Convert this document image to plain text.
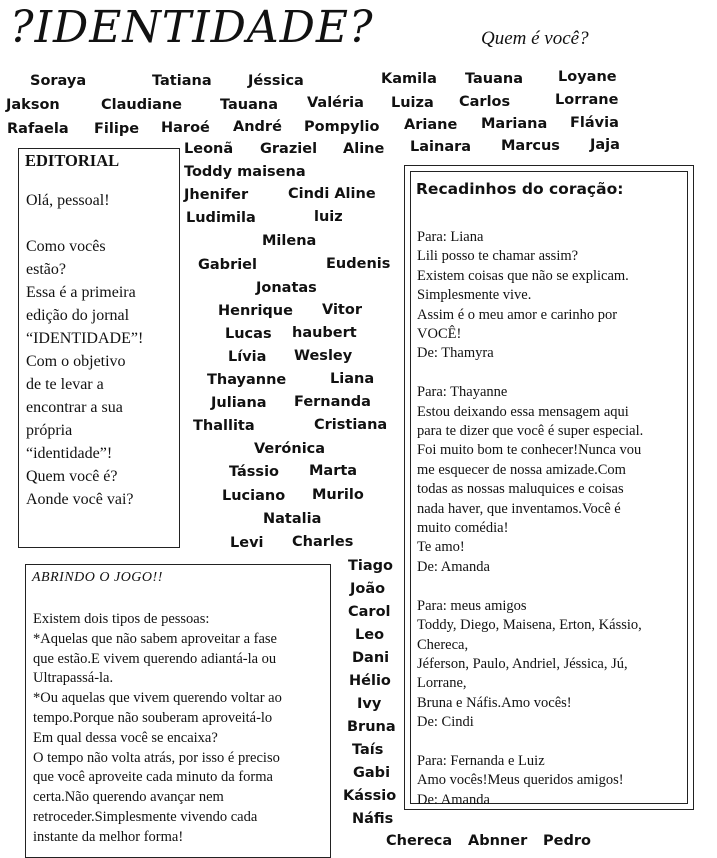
?IDENTIDADE?	Quem é você?
Soraya	Tatiana	Jéssica	Kamila Tauana Loyane
Jakson	Claudiane	Tauana Valéria Luiza Carlos	Lorrane
Rafaela Filipe Haroé André Pompylio Ariane Mariana Flávia
Leonã Graziel Aline Lainara Marcus Jaja
Toddy maisena
Jhenifer	Cindi Aline
Ludimila	luiz
Milena
Gabriel	Eudenis
Jonatas
Henrique Vitor
Lucas haubert
Lívia Wesley
Thayanne	Liana
Juliana Fernanda
Thallita	Cristiana
Verónica
Tássio Marta
Luciano Murilo
Natalia
Levi Charles
Tiago
João
Carol
Leo
Dani
Hélio
Ivy
Bruna
Taís
Gabi
Kássio
Náfis
Chereca Abnner Pedro
EDITORIAL
Olá, pessoal!

Como vocês
estão?
Essa é a primeira
edição do jornal
“IDENTIDADE”!
Com o objetivo
de te levar a
encontrar a sua
própria
“identidade”!
Quem você é?
Aonde você vai?
ABRINDO O JOGO!!
Existem dois tipos de pessoas:
*Aquelas que não sabem aproveitar a fase
que estão.E vivem querendo adiantá-la ou
Ultrapassá-la.
*Ou aquelas que vivem querendo voltar ao
tempo.Porque não souberam aproveitá-lo
Em qual dessa você se encaixa?
O tempo não volta atrás, por isso é preciso
que você aproveite cada minuto da forma
certa.Não querendo avançar nem
retroceder.Simplesmente vivendo cada
instante da melhor forma!
Recadinhos do coração:
Para: Liana
Lili posso te chamar assim?
Existem coisas que não se explicam.
Simplesmente vive.
Assim é o meu amor e carinho por
VOCÊ!
De: Thamyra

Para: Thayanne
Estou deixando essa mensagem aqui
para te dizer que você é super especial.
Foi muito bom te conhecer!Nunca vou
me esquecer de nossa amizade.Com
todas as nossas maluquices e coisas
nada haver, que inventamos.Você é
muito comédia!
Te amo!
De: Amanda

Para: meus amigos
Toddy, Diego, Maisena, Erton, Kássio,
Chereca,
Jéferson, Paulo, Andriel, Jéssica, Jú,
Lorrane,
Bruna e Náfis.Amo vocês!
De: Cindi

Para: Fernanda e Luiz
Amo vocês!Meus queridos amigos!
De: Amanda
